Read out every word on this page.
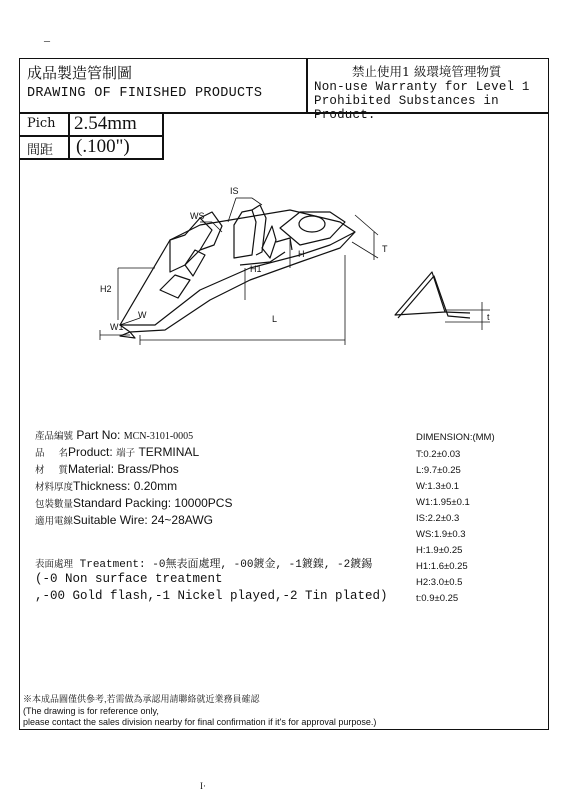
–
I·
成品製造管制圖
DRAWING OF FINISHED PRODUCTS
禁止使用1 級環境管理物質
Non-use Warranty for Level 1
Prohibited Substances in Product.
Pich
間距
2.54mm
(.100")
IS
WS
T
H
H1
H2
W
W1
L	t
產品編號 Part No: MCN-3101-0005
品 名Product: 端子 TERMINAL
材 質Material: Brass/Phos
材料厚度Thickness: 0.20mm
包裝數量Standard Packing: 10000PCS
適用電線Suitable Wire: 24~28AWG
DIMENSION:(MM)
T:0.2±0.03
L:9.7±0.25
W:1.3±0.1
W1:1.95±0.1
IS:2.2±0.3
WS:1.9±0.3
H:1.9±0.25
H1:1.6±0.25
H2:3.0±0.5
t:0.9±0.25
表面處理 Treatment: -0無表面處理, -00鍍金, -1鍍鎳, -2鍍錫
(-0 Non surface treatment
,-00 Gold flash,-1 Nickel played,-2 Tin plated)
※本成品圖僅供參考,若需做為承認用請聯絡就近業務員確認
(The drawing is for reference only,
please contact the sales division nearby for final confirmation if it's for approval purpose.)
